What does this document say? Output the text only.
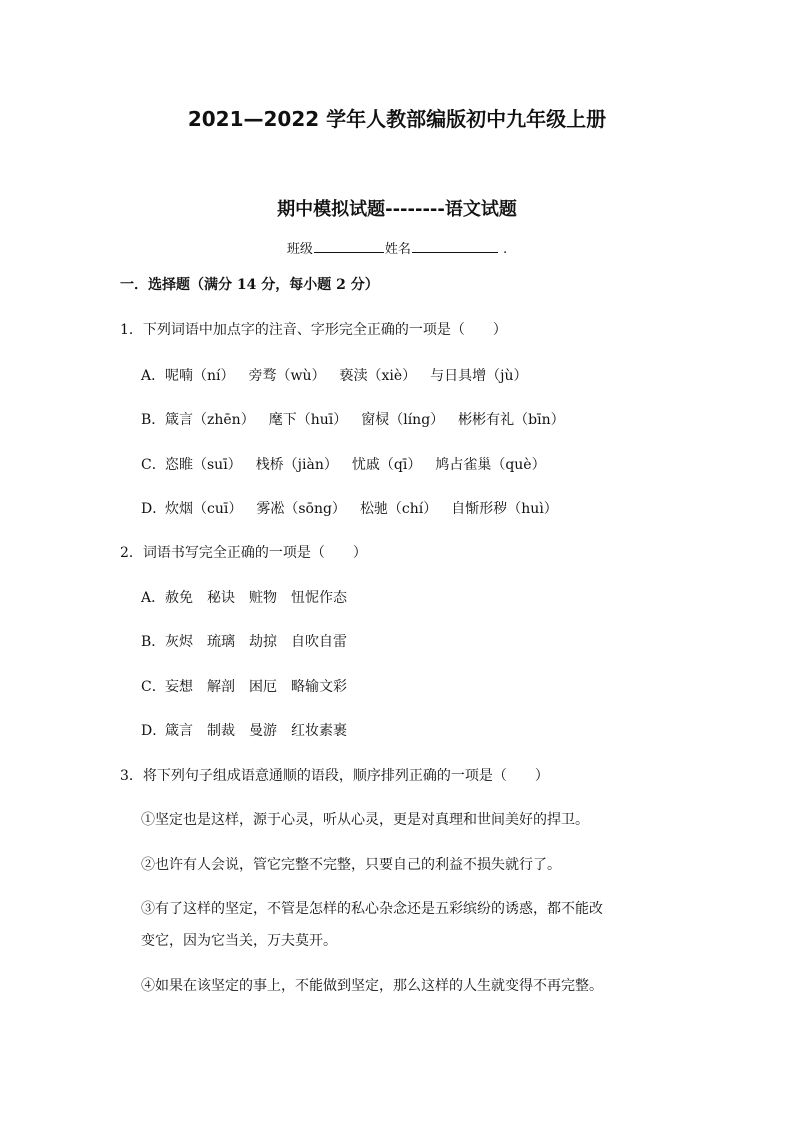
2021—2022 学年人教部编版初中九年级上册
期中模拟试题--------语文试题
班级	姓名	.
一．选择题（满分 14 分，每小题 2 分）
1．下列词语中加点字的注音、字形完全正确的一项是（　　）
A．呢喃（ní） 旁骛（wù） 亵渎（xiè） 与日具增（jù）
B．箴言（zhēn） 麾下（huī） 窗棂（líng） 彬彬有礼（bīn）
C．恣睢（suī） 栈桥（jiàn） 忧戚（qī） 鸠占雀巢（què）
D．炊烟（cuī） 雾凇（sōng） 松驰（chí） 自惭形秽（huì）
2．词语书写完全正确的一项是（　　）
A．赦免 秘诀 赃物 忸怩作态
B．灰烬 琉璃 劫掠 自吹自雷
C．妄想 解剖 困厄 略输文彩
D．箴言 制裁 曼游 红妆素裹
3．将下列句子组成语意通顺的语段，顺序排列正确的一项是（　　）
①坚定也是这样，源于心灵，听从心灵，更是对真理和世间美好的捍卫。
②也许有人会说，管它完整不完整，只要自己的利益不损失就行了。
③有了这样的坚定，不管是怎样的私心杂念还是五彩缤纷的诱惑，都不能改
变它，因为它当关，万夫莫开。
④如果在该坚定的事上，不能做到坚定，那么这样的人生就变得不再完整。
